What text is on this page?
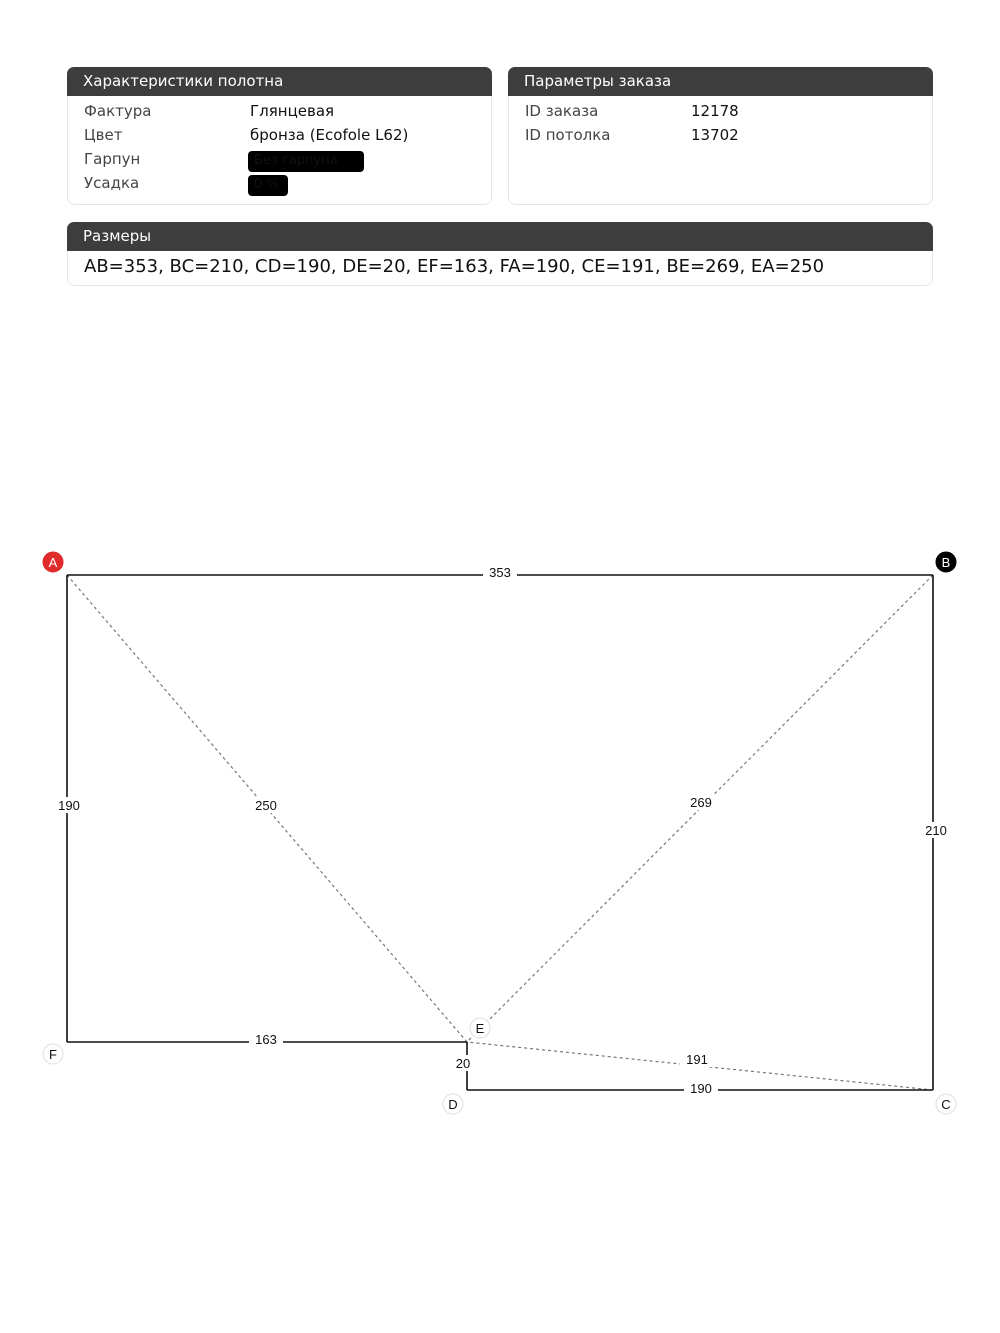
Характеристики полотна
Фактура	Глянцевая
Цвет	бронза (Ecofole L62)
Гарпун	Без гарпуна
Усадка	0 %
Параметры заказа
ID заказа	12178
ID потолка	13702
Размеры
AB=353, BC=210, CD=190, DE=20, EF=163, FA=190, CE=191, BE=269, EA=250
191
269
250
353
210
190
20
163
190
A	B
C
D
E
F
